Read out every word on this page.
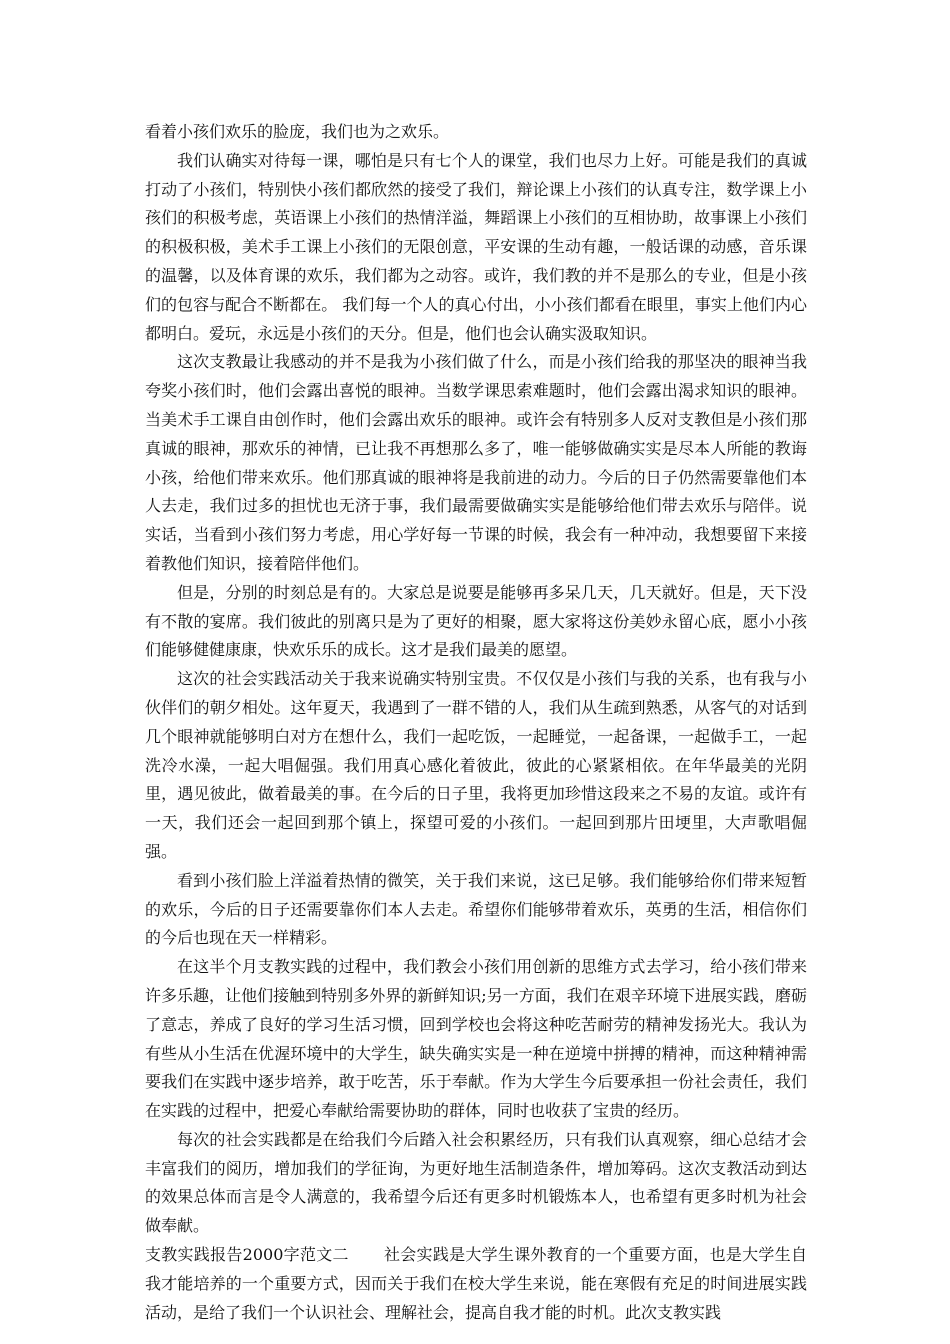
看着小孩们欢乐的脸庞，我们也为之欢乐。

我们认确实对待每一课，哪怕是只有七个人的课堂，我们也尽力上好。可能是我们的真诚打动了小孩们，特别快小孩们都欣然的接受了我们，辩论课上小孩们的认真专注，数学课上小孩们的积极考虑，英语课上小孩们的热情洋溢，舞蹈课上小孩们的互相协助，故事课上小孩们的积极积极，美术手工课上小孩们的无限创意，平安课的生动有趣，一般话课的动感，音乐课的温馨，以及体育课的欢乐，我们都为之动容。或许，我们教的并不是那么的专业，但是小孩们的包容与配合不断都在。 我们每一个人的真心付出，小小孩们都看在眼里，事实上他们内心都明白。爱玩，永远是小孩们的天分。但是，他们也会认确实汲取知识。

这次支教最让我感动的并不是我为小孩们做了什么，而是小孩们给我的那坚决的眼神当我夸奖小孩们时，他们会露出喜悦的眼神。当数学课思索难题时，他们会露出渴求知识的眼神。当美术手工课自由创作时，他们会露出欢乐的眼神。或许会有特别多人反对支教但是小孩们那真诚的眼神，那欢乐的神情，已让我不再想那么多了，唯一能够做确实实是尽本人所能的教诲小孩，给他们带来欢乐。他们那真诚的眼神将是我前进的动力。今后的日子仍然需要靠他们本人去走，我们过多的担忧也无济于事，我们最需要做确实实是能够给他们带去欢乐与陪伴。说实话，当看到小孩们努力考虑，用心学好每一节课的时候，我会有一种冲动，我想要留下来接着教他们知识，接着陪伴他们。

但是，分别的时刻总是有的。大家总是说要是能够再多呆几天，几天就好。但是，天下没有不散的宴席。我们彼此的别离只是为了更好的相聚，愿大家将这份美妙永留心底，愿小小孩们能够健健康康，快欢乐乐的成长。这才是我们最美的愿望。

这次的社会实践活动关于我来说确实特别宝贵。不仅仅是小孩们与我的关系，也有我与小伙伴们的朝夕相处。这年夏天，我遇到了一群不错的人，我们从生疏到熟悉，从客气的对话到几个眼神就能够明白对方在想什么，我们一起吃饭，一起睡觉，一起备课，一起做手工，一起洗冷水澡，一起大唱倔强。我们用真心感化着彼此，彼此的心紧紧相依。在年华最美的光阴里，遇见彼此，做着最美的事。在今后的日子里，我将更加珍惜这段来之不易的友谊。或许有一天，我们还会一起回到那个镇上，探望可爱的小孩们。一起回到那片田埂里，大声歌唱倔强。

看到小孩们脸上洋溢着热情的微笑，关于我们来说，这已足够。我们能够给你们带来短暂的欢乐，今后的日子还需要靠你们本人去走。希望你们能够带着欢乐，英勇的生活，相信你们的今后也现在天一样精彩。

在这半个月支教实践的过程中，我们教会小孩们用创新的思维方式去学习，给小孩们带来许多乐趣，让他们接触到特别多外界的新鲜知识;另一方面，我们在艰辛环境下进展实践，磨砺了意志，养成了良好的学习生活习惯，回到学校也会将这种吃苦耐劳的精神发扬光大。我认为有些从小生活在优渥环境中的大学生，缺失确实实是一种在逆境中拼搏的精神，而这种精神需要我们在实践中逐步培养，敢于吃苦，乐于奉献。作为大学生今后要承担一份社会责任，我们在实践的过程中，把爱心奉献给需要协助的群体，同时也收获了宝贵的经历。

每次的社会实践都是在给我们今后踏入社会积累经历，只有我们认真观察，细心总结才会丰富我们的阅历，增加我们的学征询，为更好地生活制造条件，增加筹码。这次支教活动到达的效果总体而言是令人满意的，我希望今后还有更多时机锻炼本人，也希望有更多时机为社会做奉献。

支教实践报告2000字范文二 社会实践是大学生课外教育的一个重要方面，也是大学生自我才能培养的一个重要方式，因而关于我们在校大学生来说，能在寒假有充足的时间进展实践活动，是给了我们一个认识社会、理解社会，提高自我才能的时机。此次支教实践
